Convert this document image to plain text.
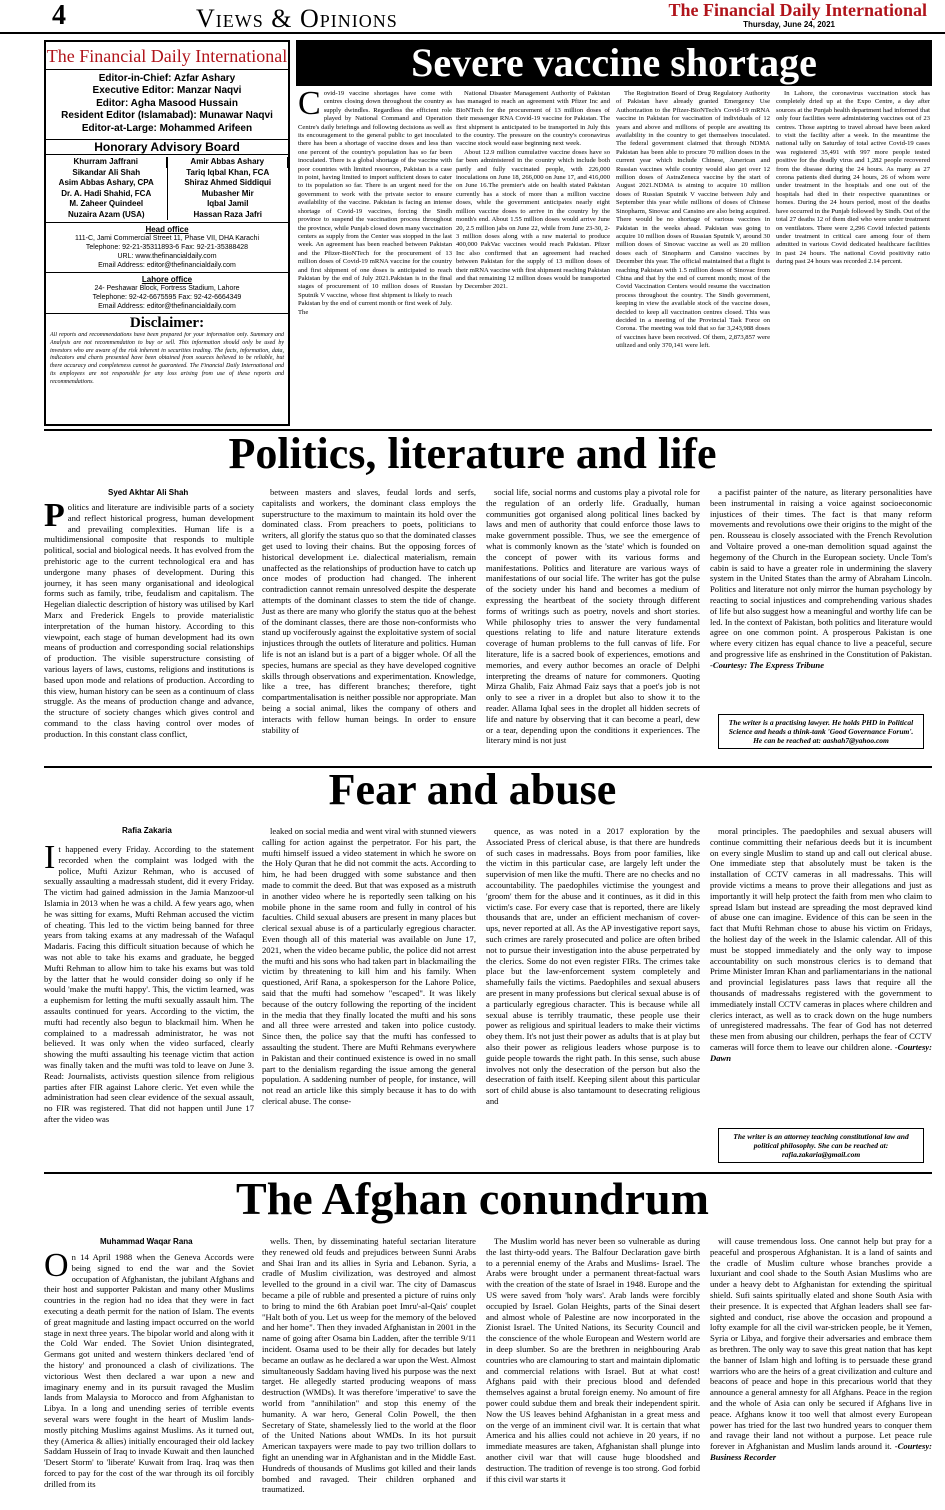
4	Views & Opinions	The Financial Daily International
Thursday, June 24, 2021
The Financial Daily International
Editor-in-Chief: Azfar Ashary
Executive Editor: Manzar Naqvi
Editor: Agha Masood Hussain
Resident Editor (Islamabad): Munawar Naqvi
Editor-at-Large: Mohammed Arifeen
Honorary Advisory Board
Khurram Jaffrani
Sikandar Ali Shah
Asim Abbas Ashary, CPA
Dr. A. Hadi Shahid, FCA
M. Zaheer Quindeel
Nuzaira Azam (USA)
Amir Abbas Ashary
Tariq Iqbal Khan, FCA
Shiraz Ahmed Siddiqui
Mubasher Mir
Iqbal Jamil
Hassan Raza Jafri
Head office
111-C, Jami Commercial Street 11, Phase VII, DHA Karachi
Telephone: 92-21-35311893-6 Fax: 92-21-35388428
URL: www.thefinancialdaily.com
Email Address: editor@thefinancialdaily.com
Lahore office
24- Peshawar Block, Fortress Stadium, Lahore
Telephone: 92-42-6675595 Fax: 92-42-6664349
Email Address: editor@thefinancialdaily.com
Disclaimer:
All reports and recommendations have been prepared for your information only. Summary and Analysis are not recommendation to buy or sell. This information should only be used by investors who are aware of the risk inherent in securities trading. The facts, information, data, indicators and charts presented have been obtained from sources believed to be reliable, but there accuracy and completeness cannot be guaranteed. The Financial Daily International and its employees are not responsible for any loss arising from use of these reports and recommendations.
Severe vaccine shortage
Covid-19 vaccine shortages have come with centres closing down throughout the country as supply dwindles. Regardless the efficient role played by National Command and Operation Centre's daily briefings and following decisions as well as its encouragement to the general public to get inoculated there has been a shortage of vaccine doses and less than one percent of the country's population has so far been inoculated. There is a global shortage of the vaccine with poor countries with limited resources, Pakistan is a case in point, having limited to import sufficient doses to cater to its population so far. There is an urgent need for the government to work with the private sector to ensure availability of the vaccine. Pakistan is facing an intense shortage of Covid-19 vaccines, forcing the Sindh province to suspend the vaccination process throughout the province, while Punjab closed down many vaccination centers as supply from the Center was stopped in the last week. An agreement has been reached between Pakistan and the Pfizer-BioNTech for the procurement of 13 million doses of Covid-19 mRNA vaccine for the country and first shipment of one doses is anticipated to reach Pakistan by the end of July 2021.Pakistan is in the final stages of procurement of 10 million doses of Russian Sputnik V vaccine, whose first shipment is likely to reach Pakistan by the end of current month or first week of July. The

National Disaster Management Authority of Pakistan has managed to reach an agreement with Pfizer Inc and BioNTech for the procurement of 13 million doses of their messenger RNA Covid-19 vaccine for Pakistan. The first shipment is anticipated to be transported in July this to the country. The pressure on the country's coronavirus vaccine stock would ease beginning next week.

About 12.9 million cumulative vaccine doses have so far been administered in the country which include both partly and fully vaccinated people, with 226,000 inoculations on June 18, 266,000 on June 17, and 416,000 on June 16.The premier's aide on health stated Pakistan currently has a stock of more than a million vaccine doses, while the government anticipates nearly eight million vaccine doses to arrive in the country by the month's end. About 1.55 million doses would arrive June 20, 2.5 million jabs on June 22, while from June 23-30, 2-3 million doses along with a raw material to produce 400,000 PakVac vaccines would reach Pakistan. Pfizer Inc also confirmed that an agreement had reached between Pakistan for the supply of 13 million doses of their mRNA vaccine with first shipment reaching Pakistan and that remaining 12 million doses would be transported by December 2021.

The Registration Board of Drug Regulatory Authority of Pakistan have already granted Emergency Use Authorization to the Pfizer-BioNTech's Covid-19 mRNA vaccine in Pakistan for vaccination of individuals of 12 years and above and millions of people are awaiting its availability in the country to get themselves inoculated. The federal government claimed that through NDMA Pakistan has been able to procure 70 million doses in the current year which include Chinese, American and Russian vaccines while country would also get over 12 million doses of AstraZeneca vaccine by the start of August 2021.NDMA is aiming to acquire 10 million doses of Russian Sputnik V vaccine between July and September this year while millions of doses of Chinese Sinopharm, Sinovac and Cansino are also being acquired. There would be no shortage of various vaccines in Pakistan in the weeks ahead. Pakistan was going to acquire 10 million doses of Russian Sputnik V, around 30 million doses of Sinovac vaccine as well as 20 million doses each of Sinopharm and Cansino vaccines by December this year. The official maintained that a flight is reaching Pakistan with 1.5 million doses of Sinovac from China and that by the end of current month; most of the Covid Vaccination Centers would resume the vaccination process throughout the country. The Sindh government, keeping in view the available stock of the vaccine doses, decided to keep all vaccination centres closed. This was decided in a meeting of the Provincial Task Force on Corona. The meeting was told that so far 3,243,988 doses of vaccines have been received. Of them, 2,873,857 were utilized and only 370,141 were left.

In Lahore, the coronavirus vaccination stock has completely dried up at the Expo Centre, a day after sources at the Punjab health department had informed that only four facilities were administering vaccines out of 23 centres. Those aspiring to travel abroad have been asked to visit the facility after a week. In the meantime the national tally on Saturday of total active Covid-19 cases was registered 35,491 with 997 more people tested positive for the deadly virus and 1,282 people recovered from the disease during the 24 hours. As many as 27 corona patients died during 24 hours, 26 of whom were under treatment in the hospitals and one out of the hospitals had died in their respective quarantines or homes. During the 24 hours period, most of the deaths have occurred in the Punjab followed by Sindh. Out of the total 27 deaths 12 of them died who were under treatment on ventilators. There were 2,296 Covid infected patients under treatment in critical care among four of them admitted in various Covid dedicated healthcare facilities in past 24 hours. The national Covid positivity ratio during past 24 hours was recorded 2.14 percent.

Politics, literature and life
Syed Akhtar Ali Shah
Politics and literature are indivisible parts of a society and reflect historical progress, human development and prevailing complexities. Human life is a multidimensional composite that responds to multiple political, social and biological needs. It has evolved from the prehistoric age to the current technological era and has undergone many phases of development. During this journey, it has seen many organisational and ideological forms such as family, tribe, feudalism and capitalism. The Hegelian dialectic description of history was utilised by Karl Marx and Frederick Engels to provide materialistic interpretation of the human history. According to this viewpoint, each stage of human development had its own means of production and corresponding social relationships of production. The visible superstructure consisting of various layers of laws, customs, religions and institutions is based upon mode and relations of production. According to this view, human history can be seen as a continuum of class struggle. As the means of production change and advance, the structure of society changes which gives control and command to the class having control over modes of production. In this constant class conflict,

between masters and slaves, feudal lords and serfs, capitalists and workers, the dominant class employs the superstructure to the maximum to maintain its hold over the dominated class. From preachers to poets, politicians to writers, all glorify the status quo so that the dominated classes get used to loving their chains. But the opposing forces of historical development i.e. dialectical materialism, remain unaffected as the relationships of production have to catch up once modes of production had changed. The inherent contradiction cannot remain unresolved despite the desperate attempts of the dominant classes to stem the tide of change. Just as there are many who glorify the status quo at the behest of the dominant classes, there are those non-conformists who stand up vociferously against the exploitative system of social injustices through the outlets of literature and politics. Human life is not an island but is a part of a bigger whole. Of all the species, humans are special as they have developed cognitive skills through observations and experimentation. Knowledge, like a tree, has different branches; therefore, tight compartmentalisation is neither possible nor appropriate. Man being a social animal, likes the company of others and interacts with fellow human beings. In order to ensure stability of

social life, social norms and customs play a pivotal role for the regulation of an orderly life. Gradually, human communities got organised along political lines backed by laws and men of authority that could enforce those laws to make government possible. Thus, we see the emergence of what is commonly known as the 'state' which is founded on the concept of power with its various forms and manifestations. Politics and literature are various ways of manifestations of our social life. The writer has got the pulse of the society under his hand and becomes a medium of expressing the heartbeat of the society through different forms of writings such as poetry, novels and short stories. While philosophy tries to answer the very fundamental questions relating to life and nature literature extends coverage of human problems to the full canvas of life. For literature, life is a sacred book of experiences, emotions and memories, and every author becomes an oracle of Delphi interpreting the dreams of nature for commoners. Quoting Mirza Ghalib, Faiz Ahmad Faiz says that a poet's job is not only to see a river in a droplet but also to show it to the reader. Allama Iqbal sees in the droplet all hidden secrets of life and nature by observing that it can become a pearl, dew or a tear, depending upon the conditions it experiences. The literary mind is not just

a pacifist painter of the nature, as literary personalities have been instrumental in raising a voice against socioeconomic injustices of their times. The fact is that many reform movements and revolutions owe their origins to the might of the pen. Rousseau is closely associated with the French Revolution and Voltaire proved a one-man demolition squad against the hegemony of the Church in the European society. Uncle Tom's cabin is said to have a greater role in undermining the slavery system in the United States than the army of Abraham Lincoln. Politics and literature not only mirror the human psychology by reacting to social injustices and comprehending various shades of life but also suggest how a meaningful and worthy life can be led. In the context of Pakistan, both politics and literature would agree on one common point. A prosperous Pakistan is one where every citizen has equal chance to live a peaceful, secure and progressive life as enshrined in the Constitution of Pakistan. -Courtesy: The Express Tribune

The writer is a practising lawyer. He holds PHD in Political Science and heads a think-tank 'Good Governance Forum'. He can be reached at: aashah7@yahoo.com
Fear and abuse
Rafia Zakaria
It happened every Friday. According to the statement recorded when the complaint was lodged with the police, Mufti Azizur Rehman, who is accused of sexually assaulting a madressah student, did it every Friday. The victim had gained admission in the Jamia Manzoor-ul Islamia in 2013 when he was a child. A few years ago, when he was sitting for exams, Mufti Rehman accused the victim of cheating. This led to the victim being banned for three years from taking exams at any madressah of the Wafaqul Madaris. Facing this difficult situation because of which he was not able to take his exams and graduate, he begged Mufti Rehman to allow him to take his exams but was told by the latter that he would consider doing so only if he would 'make the mufti happy'. This, the victim learned, was a euphemism for letting the mufti sexually assault him. The assaults continued for years. According to the victim, the mufti had recently also begun to blackmail him. When he complained to a madressah administrator, he was not believed. It was only when the video surfaced, clearly showing the mufti assaulting his teenage victim that action was finally taken and the mufti was told to leave on June 3. Read: Journalists, activists question silence from religious parties after FIR against Lahore cleric. Yet even while the administration had seen clear evidence of the sexual assault, no FIR was registered. That did not happen until June 17 after the video was

leaked on social media and went viral with stunned viewers calling for action against the perpetrator. For his part, the mufti himself issued a video statement in which he swore on the Holy Quran that he did not commit the acts. According to him, he had been drugged with some substance and then made to commit the deed. But that was exposed as a mistruth in another video where he is reportedly seen talking on his mobile phone in the same room and fully in control of his faculties. Child sexual abusers are present in many places but clerical sexual abuse is of a particularly egregious character. Even though all of this material was available on June 17, 2021, when the video became public, the police did not arrest the mufti and his sons who had taken part in blackmailing the victim by threatening to kill him and his family. When questioned, Arif Rana, a spokesperson for the Lahore Police, said that the mufti had somehow "escaped". It was likely because of the outcry following the reporting of the incident in the media that they finally located the mufti and his sons and all three were arrested and taken into police custody. Since then, the police say that the mufti has confessed to assaulting the student. There are Mufti Rehmans everywhere in Pakistan and their continued existence is owed in no small part to the denialism regarding the issue among the general population. A saddening number of people, for instance, will not read an article like this simply because it has to do with clerical abuse. The conse-

quence, as was noted in a 2017 exploration by the Associated Press of clerical abuse, is that there are hundreds of such cases in madressahs. Boys from poor families, like the victim in this particular case, are largely left under the supervision of men like the mufti. There are no checks and no accountability. The paedophiles victimise the youngest and 'groom' them for the abuse and it continues, as it did in this victim's case. For every case that is reported, there are likely thousands that are, under an efficient mechanism of cover-ups, never reported at all. As the AP investigative report says, such crimes are rarely prosecuted and police are often bribed not to pursue their investigation into the abuse perpetrated by the clerics. Some do not even register FIRs. The crimes take place but the law-enforcement system completely and shamefully fails the victims. Paedophiles and sexual abusers are present in many professions but clerical sexual abuse is of a particularly egregious character. This is because while all sexual abuse is terribly traumatic, these people use their power as religious and spiritual leaders to make their victims obey them. It's not just their power as adults that is at play but also their power as religious leaders whose purpose is to guide people towards the right path. In this sense, such abuse involves not only the desecration of the person but also the desecration of faith itself. Keeping silent about this particular sort of child abuse is also tantamount to desecrating religious and

moral principles. The paedophiles and sexual abusers will continue committing their nefarious deeds but it is incumbent on every single Muslim to stand up and call out clerical abuse. One immediate step that absolutely must be taken is the installation of CCTV cameras in all madressahs. This will provide victims a means to prove their allegations and just as importantly it will help protect the faith from men who claim to spread Islam but instead are spreading the most depraved kind of abuse one can imagine. Evidence of this can be seen in the fact that Mufti Rehman chose to abuse his victim on Fridays, the holiest day of the week in the Islamic calendar. All of this must be stopped immediately and the only way to impose accountability on such monstrous clerics is to demand that Prime Minister Imran Khan and parliamentarians in the national and provincial legislatures pass laws that require all the thousands of madressahs registered with the government to immediately install CCTV cameras in places where children and clerics interact, as well as to crack down on the huge numbers of unregistered madressahs. The fear of God has not deterred these men from abusing our children, perhaps the fear of CCTV cameras will force them to leave our children alone. -Courtesy: Dawn

The writer is an attorney teaching constitutional law and political philosophy. She can be reached at: rafia.zakaria@gmail.com
The Afghan conundrum
Muhammad Waqar Rana
On 14 April 1988 when the Geneva Accords were being signed to end the war and the Soviet occupation of Afghanistan, the jubilant Afghans and their host and supporter Pakistan and many other Muslims countries in the region had no idea that they were in fact executing a death permit for the nation of Islam. The events of great magnitude and lasting impact occurred on the world stage in next three years. The bipolar world and along with it the Cold War ended. The Soviet Union disintegrated, Germans got united and western thinkers declared 'end of the history' and pronounced a clash of civilizations. The victorious West then declared a war upon a new and imaginary enemy and in its pursuit ravaged the Muslim lands from Malaysia to Morocco and from Afghanistan to Libya. In a long and unending series of terrible events several wars were fought in the heart of Muslim lands- mostly pitching Muslims against Muslims. As it turned out, they (America & allies) initially encouraged their old lackey Saddam Hussein of Iraq to invade Kuwait and then launched 'Desert Storm' to 'liberate' Kuwait from Iraq. Iraq was then forced to pay for the cost of the war through its oil forcibly drilled from its

wells. Then, by disseminating hateful sectarian literature they renewed old feuds and prejudices between Sunni Arabs and Shai Iran and its allies in Syria and Lebanon. Syria, a cradle of Muslim civilization, was destroyed and almost levelled to the ground in a civil war. The city of Damascus became a pile of rubble and presented a picture of ruins only to bring to mind the 6th Arabian poet Imru'-al-Qais' couplet "Halt both of you. Let us weep for the memory of the beloved and her home". Then they invaded Afghanistan in 2001 in the name of going after Osama bin Ladden, after the terrible 9/11 incident. Osama used to be their ally for decades but lately became an outlaw as he declared a war upon the West. Almost simultaneously Saddam having lived his purpose was the next target. He allegedly started producing weapons of mass destruction (WMDs). It was therefore 'imperative' to save the world from "annihilation" and stop this enemy of the humanity. A war hero, General Colin Powell, the then Secretary of State, shamelessly lied to the world at the floor of the United Nations about WMDs. In its hot pursuit American taxpayers were made to pay two trillion dollars to fight an unending war in Afghanistan and in the Middle East. Hundreds of thousands of Muslims got killed and their lands bombed and ravaged. Their children orphaned and traumatized.

The Muslim world has never been so vulnerable as during the last thirty-odd years. The Balfour Declaration gave birth to a perennial enemy of the Arabs and Muslims- Israel. The Arabs were brought under a permanent threat-factual wars with the creation of the state of Israel in 1948. Europe and the US were saved from 'holy wars'. Arab lands were forcibly occupied by Israel. Golan Heights, parts of the Sinai desert and almost whole of Palestine are now incorporated in the Zionist Israel. The United Nations, its Security Council and the conscience of the whole European and Western world are in deep slumber. So are the brethren in neighbouring Arab countries who are clamouring to start and maintain diplomatic and commercial relations with Israel. But at what cost! Afghans paid with their precious blood and defended themselves against a brutal foreign enemy. No amount of fire power could subdue them and break their independent spirit. Now the US leaves behind Afghanistan in a great mess and on the verge of an imminent civil war. It is certain that what America and his allies could not achieve in 20 years, if no immediate measures are taken, Afghanistan shall plunge into another civil war that will cause huge bloodshed and destruction. The tradition of revenge is too strong. God forbid if this civil war starts it

will cause tremendous loss. One cannot help but pray for a peaceful and prosperous Afghanistan. It is a land of saints and the cradle of Muslim culture whose branches provide a luxuriant and cool shade to the South Asian Muslims who are under a heavy debt to Afghanistan for extending the spiritual shield. Sufi saints spiritually elated and shone South Asia with their presence. It is expected that Afghan leaders shall see far-sighted and conduct, rise above the occasion and propound a lofty example for all the civil war-stricken people, be it Yemen, Syria or Libya, and forgive their adversaries and embrace them as brethren. The only way to save this great nation that has kept the banner of Islam high and lofting is to persuade these grand warriors who are the heirs of a great civilization and culture and beacons of peace and hope in this precarious world that they announce a general amnesty for all Afghans. Peace in the region and the whole of Asia can only be secured if Afghans live in peace. Afghans know it too well that almost every European power has tried for the last two hundred years to conquer them and ravage their land not without a purpose. Let peace rule forever in Afghanistan and Muslim lands around it. -Courtesy: Business Recorder
